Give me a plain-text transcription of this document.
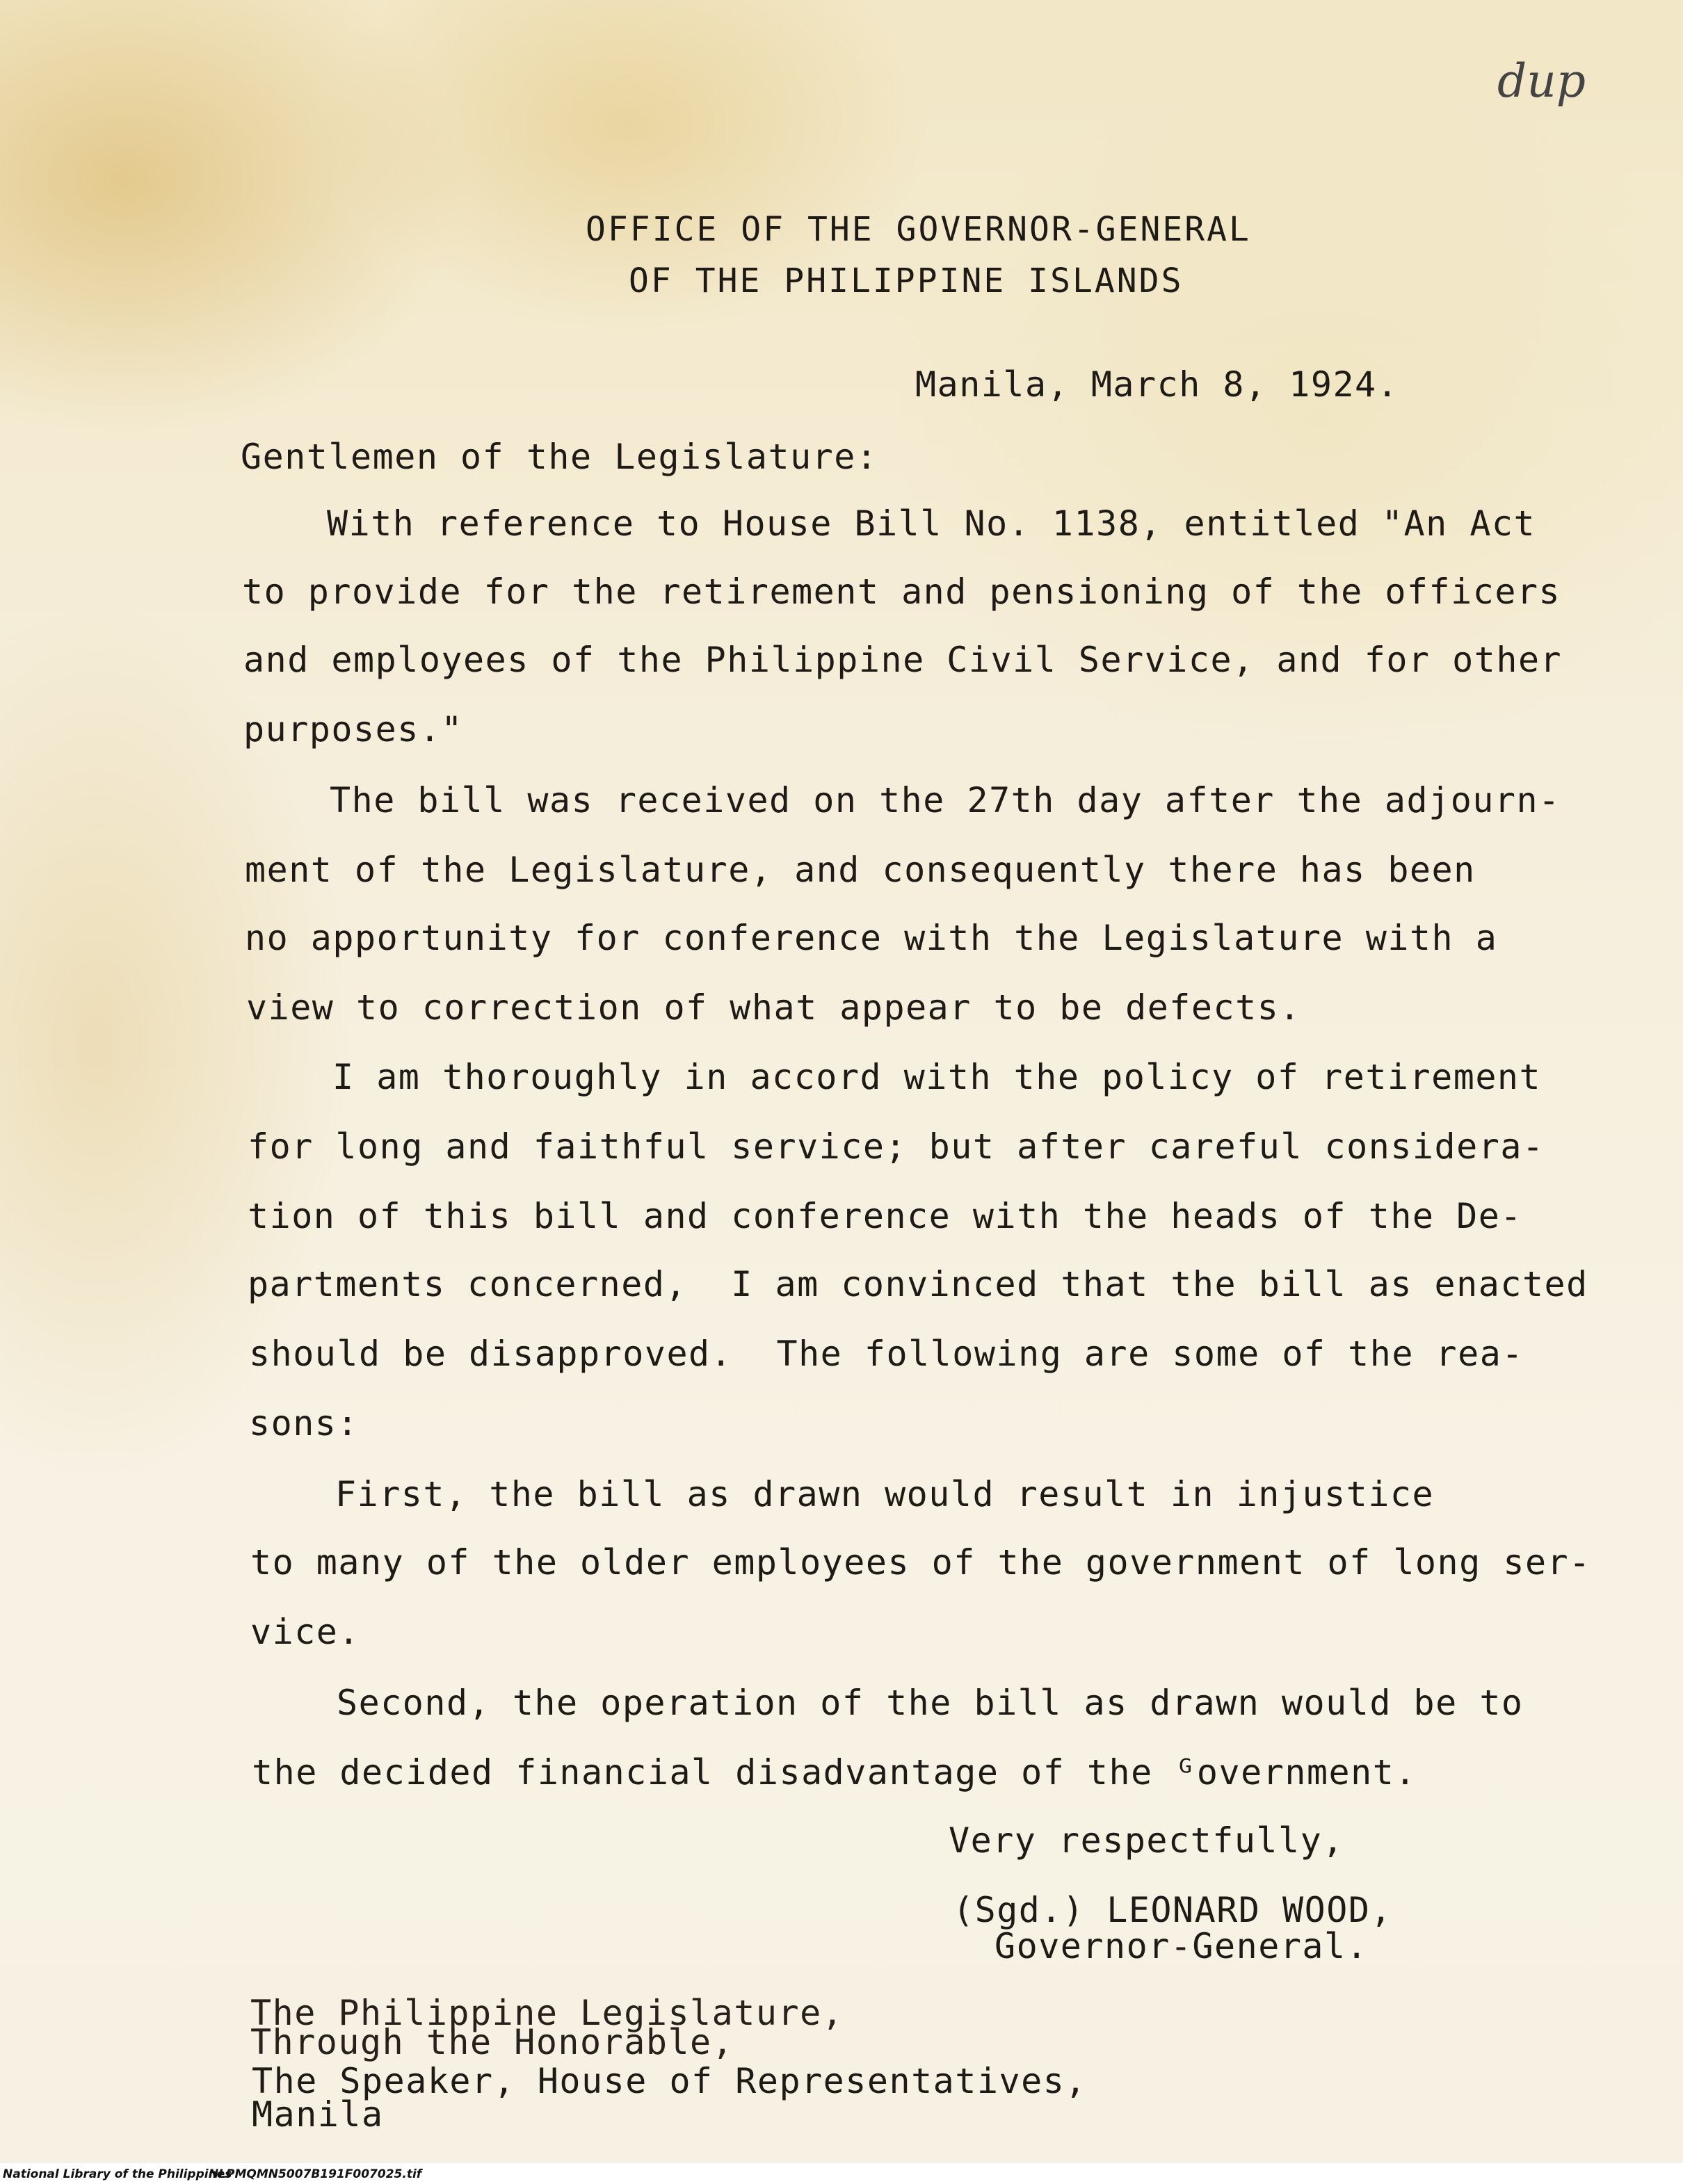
dup
OFFICE OF THE GOVERNOR-GENERAL
OF THE PHILIPPINE ISLANDS
Manila, March 8, 1924.
Gentlemen of the Legislature:
With reference to House Bill No. 1138, entitled "An Act
to provide for the retirement and pensioning of the officers
and employees of the Philippine Civil Service, and for other
purposes."
The bill was received on the 27th day after the adjourn-
ment of the Legislature, and consequently there has been
no apportunity for conference with the Legislature with a
view to correction of what appear to be defects.
I am thoroughly in accord with the policy of retirement
for long and faithful service; but after careful considera-
tion of this bill and conference with the heads of the De-
partments concerned,  I am convinced that the bill as enacted
should be disapproved.  The following are some of the rea-
sons:
First, the bill as drawn would result in injustice
to many of the older employees of the government of long ser-
vice.
Second, the operation of the bill as drawn would be to
the decided financial disadvantage of the ᴳovernment.
Very respectfully,
(Sgd.) LEONARD WOOD,
Governor-General.
The Philippine Legislature,
Through the Honorable,
The Speaker, House of Representatives,
Manila
National Library of the Philippines
NLPMQMN5007B191F007025.tif
